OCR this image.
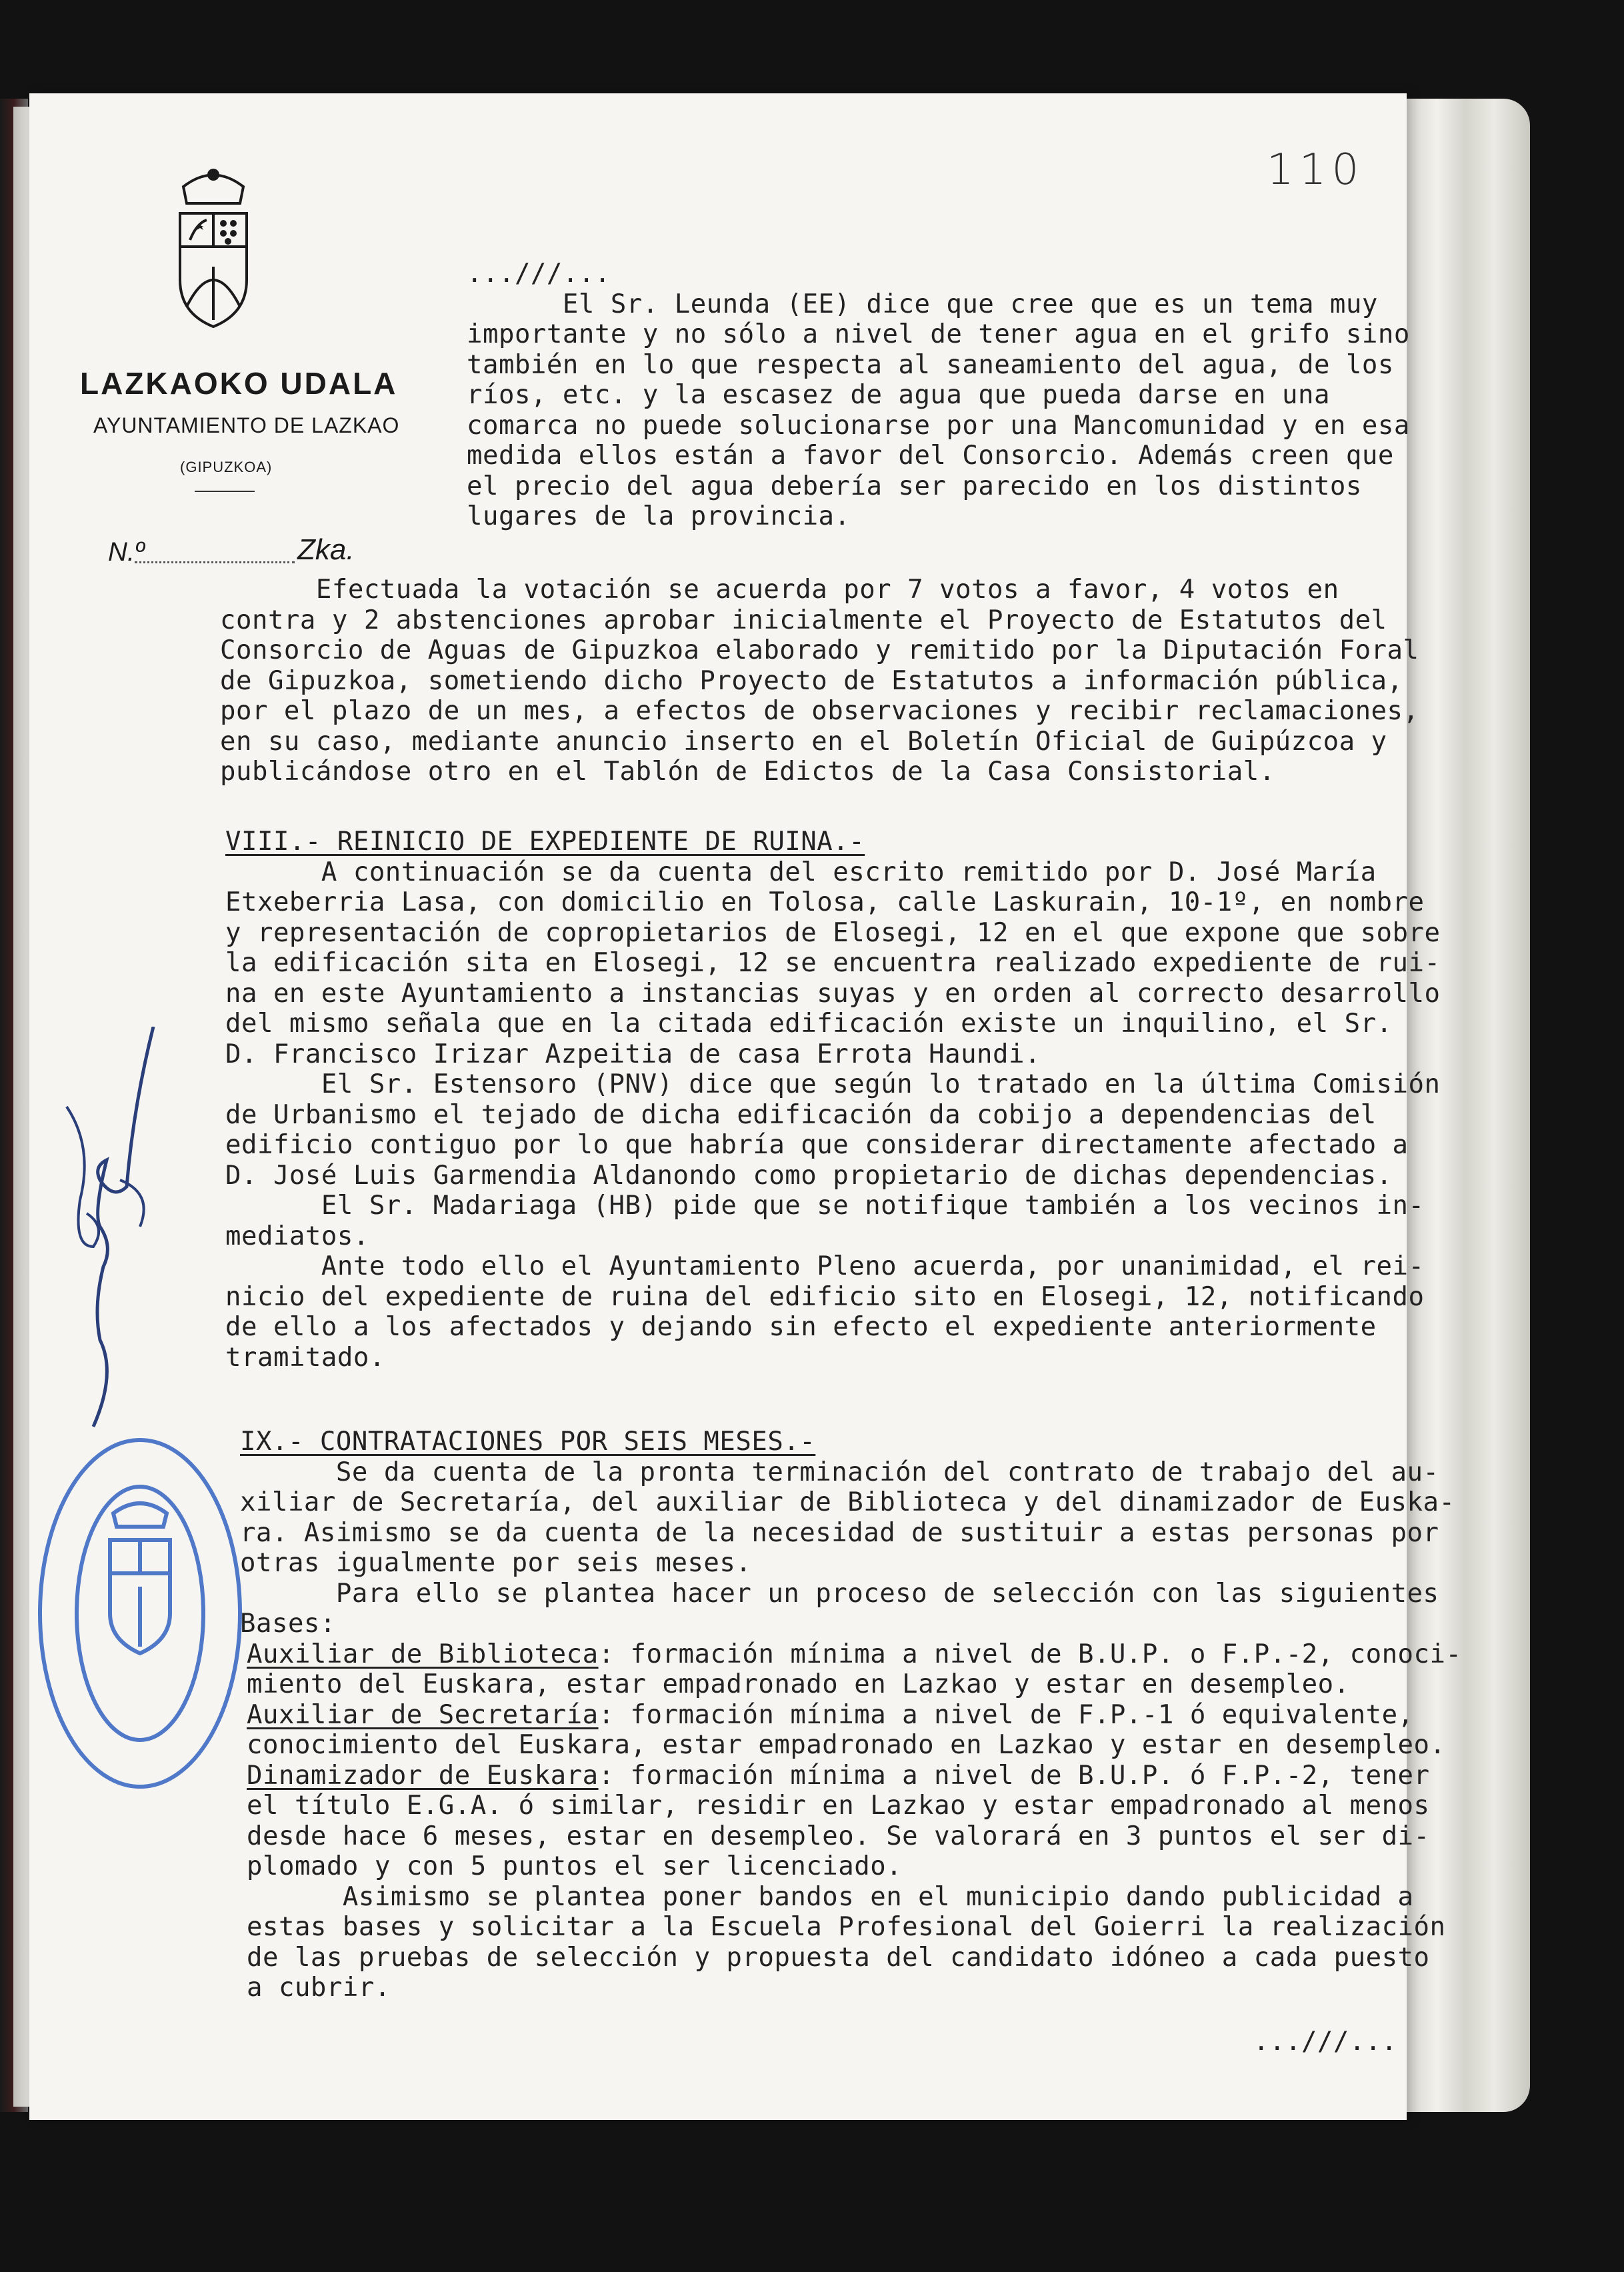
110
LAZKAOKO UDALA
AYUNTAMIENTO DE LAZKAO
(GIPUZKOA)
N.º	Zka.
...///...
El Sr. Leunda (EE) dice que cree que es un tema muy
importante y no sólo a nivel de tener agua en el grifo sino
también en lo que respecta al saneamiento del agua, de los
ríos, etc. y la escasez de agua que pueda darse en una
comarca no puede solucionarse por una Mancomunidad y en esa
medida ellos están a favor del Consorcio. Además creen que
el precio del agua debería ser parecido en los distintos
lugares de la provincia.
Efectuada la votación se acuerda por 7 votos a favor, 4 votos en
contra y 2 abstenciones aprobar inicialmente el Proyecto de Estatutos del
Consorcio de Aguas de Gipuzkoa elaborado y remitido por la Diputación Foral
de Gipuzkoa, sometiendo dicho Proyecto de Estatutos a información pública,
por el plazo de un mes, a efectos de observaciones y recibir reclamaciones,
en su caso, mediante anuncio inserto en el Boletín Oficial de Guipúzcoa y
publicándose otro en el Tablón de Edictos de la Casa Consistorial.
VIII.- REINICIO DE EXPEDIENTE DE RUINA.-
A continuación se da cuenta del escrito remitido por D. José María
Etxeberria Lasa, con domicilio en Tolosa, calle Laskurain, 10-1º, en nombre
y representación de copropietarios de Elosegi, 12 en el que expone que sobre
la edificación sita en Elosegi, 12 se encuentra realizado expediente de rui-
na en este Ayuntamiento a instancias suyas y en orden al correcto desarrollo
del mismo señala que en la citada edificación existe un inquilino, el Sr.
D. Francisco Irizar Azpeitia de casa Errota Haundi.
El Sr. Estensoro (PNV) dice que según lo tratado en la última Comisión
de Urbanismo el tejado de dicha edificación da cobijo a dependencias del
edificio contiguo por lo que habría que considerar directamente afectado a
D. José Luis Garmendia Aldanondo como propietario de dichas dependencias.
El Sr. Madariaga (HB) pide que se notifique también a los vecinos in-
mediatos.
Ante todo ello el Ayuntamiento Pleno acuerda, por unanimidad, el rei-
nicio del expediente de ruina del edificio sito en Elosegi, 12, notificando
de ello a los afectados y dejando sin efecto el expediente anteriormente
tramitado.
IX.- CONTRATACIONES POR SEIS MESES.-
Se da cuenta de la pronta terminación del contrato de trabajo del au-
xiliar de Secretaría, del auxiliar de Biblioteca y del dinamizador de Euska-
ra. Asimismo se da cuenta de la necesidad de sustituir a estas personas por
otras igualmente por seis meses.
Para ello se plantea hacer un proceso de selección con las siguientes
Bases:
Auxiliar de Biblioteca: formación mínima a nivel de B.U.P. o F.P.-2, conoci-
miento del Euskara, estar empadronado en Lazkao y estar en desempleo.
Auxiliar de Secretaría: formación mínima a nivel de F.P.-1 ó equivalente,
conocimiento del Euskara, estar empadronado en Lazkao y estar en desempleo.
Dinamizador de Euskara: formación mínima a nivel de B.U.P. ó F.P.-2, tener
el título E.G.A. ó similar, residir en Lazkao y estar empadronado al menos
desde hace 6 meses, estar en desempleo. Se valorará en 3 puntos el ser di-
plomado y con 5 puntos el ser licenciado.
Asimismo se plantea poner bandos en el municipio dando publicidad a
estas bases y solicitar a la Escuela Profesional del Goierri la realización
de las pruebas de selección y propuesta del candidato idóneo a cada puesto
a cubrir.
...///...
